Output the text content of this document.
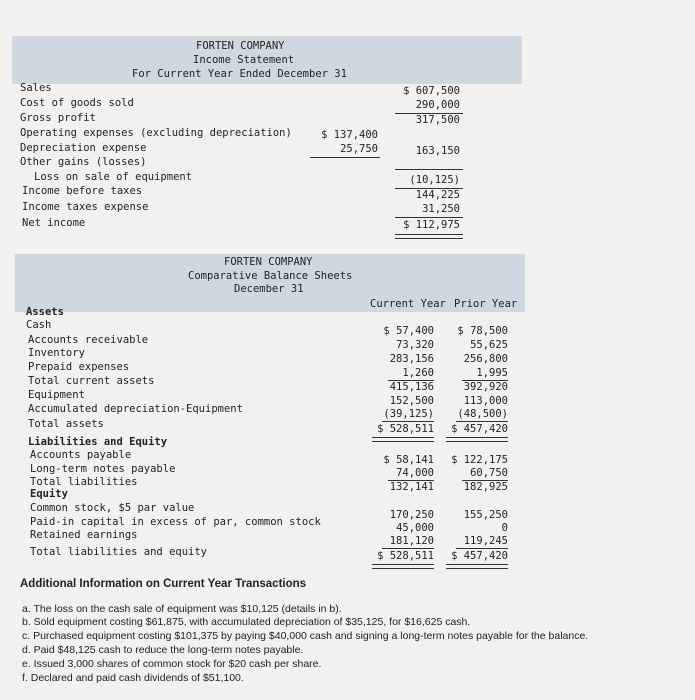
FORTEN COMPANY
Income Statement
For Current Year Ended December 31
Sales
Cost of goods sold
Gross profit
Operating expenses (excluding depreciation)
Depreciation expense
Other gains (losses)
Loss on sale of equipment
Income before taxes
Income taxes expense
Net income
$ 137,400
25,750
$ 607,500
290,000
317,500
163,150
(10,125)
144,225
31,250
$ 112,975
FORTEN COMPANY
Comparative Balance Sheets
December 31
Current Year Prior Year
Assets
Cash
Accounts receivable
Inventory
Prepaid expenses
Total current assets
Equipment
Accumulated depreciation-Equipment
Total assets
Liabilities and Equity
Accounts payable
Long-term notes payable
Total liabilities
Equity
Common stock, $5 par value
Paid-in capital in excess of par, common stock
Retained earnings
Total liabilities and equity
$ 57,400
73,320
283,156
1,260
415,136
152,500
(39,125)
$ 528,511
$ 58,141
74,000
132,141
170,250
45,000
181,120
$ 528,511
$ 78,500
55,625
256,800
1,995
392,920
113,000
(48,500)
$ 457,420
$ 122,175
60,750
182,925
155,250
0
119,245
$ 457,420
Additional Information on Current Year Transactions
a. The loss on the cash sale of equipment was $10,125 (details in b).
b. Sold equipment costing $61,875, with accumulated depreciation of $35,125, for $16,625 cash.
c. Purchased equipment costing $101,375 by paying $40,000 cash and signing a long-term notes payable for the balance.
d. Paid $48,125 cash to reduce the long-term notes payable.
e. Issued 3,000 shares of common stock for $20 cash per share.
f. Declared and paid cash dividends of $51,100.
